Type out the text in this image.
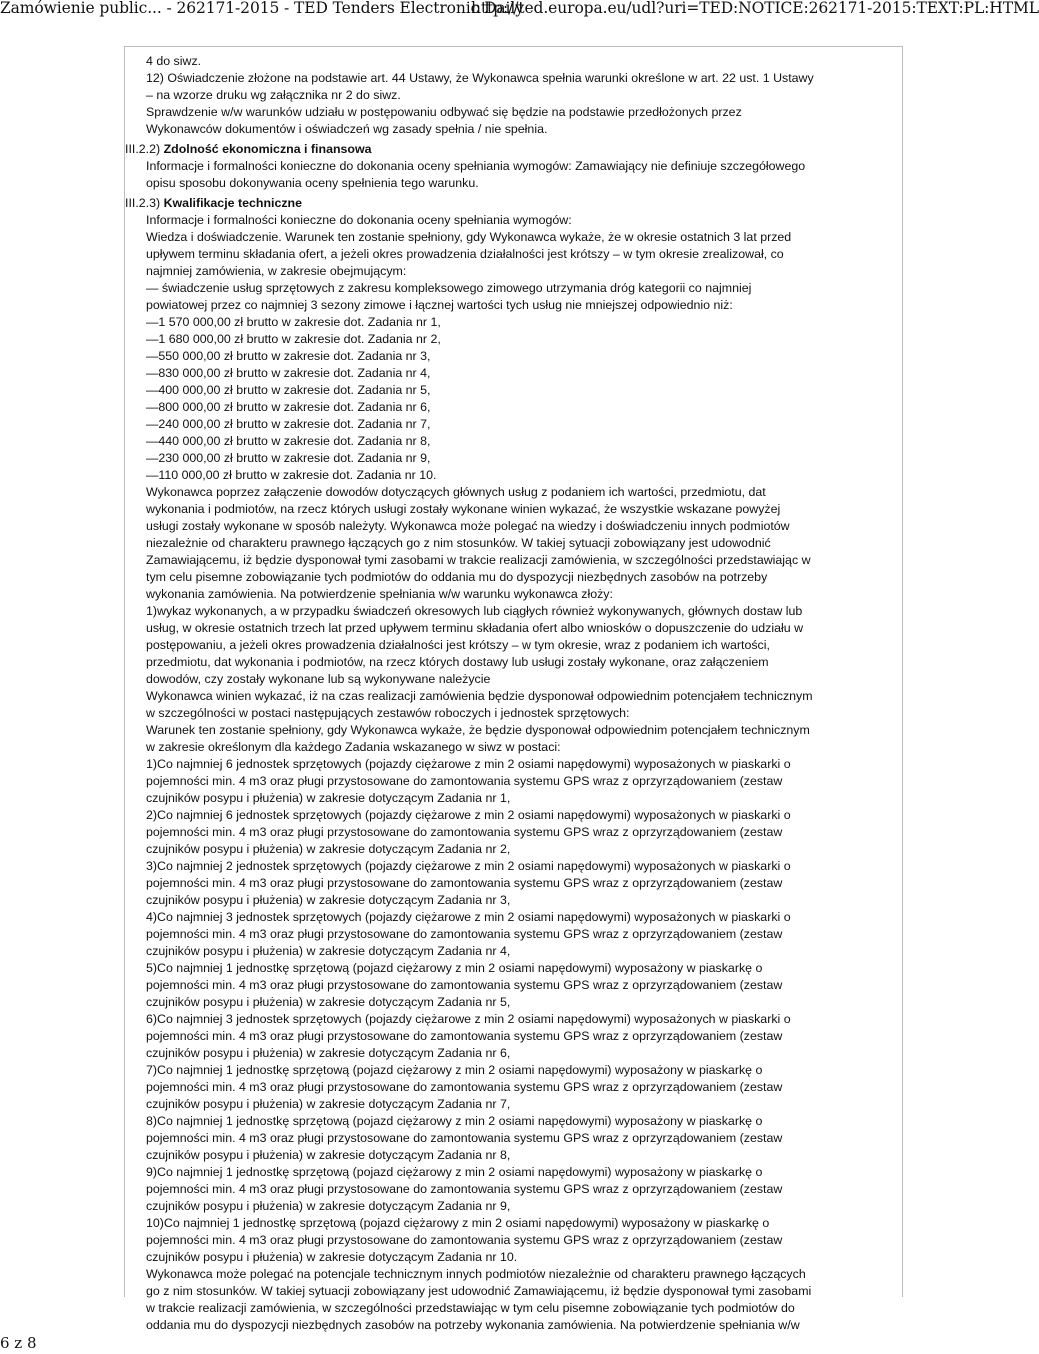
Zamówienie public... - 262171-2015 - TED Tenders Electronic Daily
http://ted.europa.eu/udl?uri=TED:NOTICE:262171-2015:TEXT:PL:HTML

4 do siwz.

12) Oświadczenie złożone na podstawie art. 44 Ustawy, że Wykonawca spełnia warunki określone w art. 22 ust. 1 Ustawy

– na wzorze druku wg załącznika nr 2 do siwz.

Sprawdzenie w/w warunków udziału w postępowaniu odbywać się będzie na podstawie przedłożonych przez

Wykonawców dokumentów i oświadczeń wg zasady spełnia / nie spełnia.

III.2.2) Zdolność ekonomiczna i finansowa

Informacje i formalności konieczne do dokonania oceny spełniania wymogów: Zamawiający nie definiuje szczegółowego

opisu sposobu dokonywania oceny spełnienia tego warunku.

III.2.3) Kwalifikacje techniczne

Informacje i formalności konieczne do dokonania oceny spełniania wymogów:

Wiedza i doświadczenie. Warunek ten zostanie spełniony, gdy Wykonawca wykaże, że w okresie ostatnich 3 lat przed

upływem terminu składania ofert, a jeżeli okres prowadzenia działalności jest krótszy – w tym okresie zrealizował, co

najmniej zamówienia, w zakresie obejmującym:

— świadczenie usług sprzętowych z zakresu kompleksowego zimowego utrzymania dróg kategorii co najmniej

powiatowej przez co najmniej 3 sezony zimowe i łącznej wartości tych usług nie mniejszej odpowiednio niż:

—1 570 000,00 zł brutto w zakresie dot. Zadania nr 1,

—1 680 000,00 zł brutto w zakresie dot. Zadania nr 2,

—550 000,00 zł brutto w zakresie dot. Zadania nr 3,

—830 000,00 zł brutto w zakresie dot. Zadania nr 4,

—400 000,00 zł brutto w zakresie dot. Zadania nr 5,

—800 000,00 zł brutto w zakresie dot. Zadania nr 6,

—240 000,00 zł brutto w zakresie dot. Zadania nr 7,

—440 000,00 zł brutto w zakresie dot. Zadania nr 8,

—230 000,00 zł brutto w zakresie dot. Zadania nr 9,

—110 000,00 zł brutto w zakresie dot. Zadania nr 10.

Wykonawca poprzez załączenie dowodów dotyczących głównych usług z podaniem ich wartości, przedmiotu, dat

wykonania i podmiotów, na rzecz których usługi zostały wykonane winien wykazać, że wszystkie wskazane powyżej

usługi zostały wykonane w sposób należyty. Wykonawca może polegać na wiedzy i doświadczeniu innych podmiotów

niezależnie od charakteru prawnego łączących go z nim stosunków. W takiej sytuacji zobowiązany jest udowodnić

Zamawiającemu, iż będzie dysponował tymi zasobami w trakcie realizacji zamówienia, w szczególności przedstawiając w

tym celu pisemne zobowiązanie tych podmiotów do oddania mu do dyspozycji niezbędnych zasobów na potrzeby

wykonania zamówienia. Na potwierdzenie spełniania w/w warunku wykonawca złoży:

1)wykaz wykonanych, a w przypadku świadczeń okresowych lub ciągłych również wykonywanych, głównych dostaw lub

usług, w okresie ostatnich trzech lat przed upływem terminu składania ofert albo wniosków o dopuszczenie do udziału w

postępowaniu, a jeżeli okres prowadzenia działalności jest krótszy – w tym okresie, wraz z podaniem ich wartości,

przedmiotu, dat wykonania i podmiotów, na rzecz których dostawy lub usługi zostały wykonane, oraz załączeniem

dowodów, czy zostały wykonane lub są wykonywane należycie

Wykonawca winien wykazać, iż na czas realizacji zamówienia będzie dysponował odpowiednim potencjałem technicznym

w szczególności w postaci następujących zestawów roboczych i jednostek sprzętowych:

Warunek ten zostanie spełniony, gdy Wykonawca wykaże, że będzie dysponował odpowiednim potencjałem technicznym

w zakresie określonym dla każdego Zadania wskazanego w siwz w postaci:

1)Co najmniej 6 jednostek sprzętowych (pojazdy ciężarowe z min 2 osiami napędowymi) wyposażonych w piaskarki o

pojemności min. 4 m3 oraz pługi przystosowane do zamontowania systemu GPS wraz z oprzyrządowaniem (zestaw

czujników posypu i płużenia) w zakresie dotyczącym Zadania nr 1,

2)Co najmniej 6 jednostek sprzętowych (pojazdy ciężarowe z min 2 osiami napędowymi) wyposażonych w piaskarki o

pojemności min. 4 m3 oraz pługi przystosowane do zamontowania systemu GPS wraz z oprzyrządowaniem (zestaw

czujników posypu i płużenia) w zakresie dotyczącym Zadania nr 2,

3)Co najmniej 2 jednostek sprzętowych (pojazdy ciężarowe z min 2 osiami napędowymi) wyposażonych w piaskarki o

pojemności min. 4 m3 oraz pługi przystosowane do zamontowania systemu GPS wraz z oprzyrządowaniem (zestaw

czujników posypu i płużenia) w zakresie dotyczącym Zadania nr 3,

4)Co najmniej 3 jednostek sprzętowych (pojazdy ciężarowe z min 2 osiami napędowymi) wyposażonych w piaskarki o

pojemności min. 4 m3 oraz pługi przystosowane do zamontowania systemu GPS wraz z oprzyrządowaniem (zestaw

czujników posypu i płużenia) w zakresie dotyczącym Zadania nr 4,

5)Co najmniej 1 jednostkę sprzętową (pojazd ciężarowy z min 2 osiami napędowymi) wyposażony w piaskarkę o

pojemności min. 4 m3 oraz pługi przystosowane do zamontowania systemu GPS wraz z oprzyrządowaniem (zestaw

czujników posypu i płużenia) w zakresie dotyczącym Zadania nr 5,

6)Co najmniej 3 jednostek sprzętowych (pojazdy ciężarowe z min 2 osiami napędowymi) wyposażonych w piaskarki o

pojemności min. 4 m3 oraz pługi przystosowane do zamontowania systemu GPS wraz z oprzyrządowaniem (zestaw

czujników posypu i płużenia) w zakresie dotyczącym Zadania nr 6,

7)Co najmniej 1 jednostkę sprzętową (pojazd ciężarowy z min 2 osiami napędowymi) wyposażony w piaskarkę o

pojemności min. 4 m3 oraz pługi przystosowane do zamontowania systemu GPS wraz z oprzyrządowaniem (zestaw

czujników posypu i płużenia) w zakresie dotyczącym Zadania nr 7,

8)Co najmniej 1 jednostkę sprzętową (pojazd ciężarowy z min 2 osiami napędowymi) wyposażony w piaskarkę o

pojemności min. 4 m3 oraz pługi przystosowane do zamontowania systemu GPS wraz z oprzyrządowaniem (zestaw

czujników posypu i płużenia) w zakresie dotyczącym Zadania nr 8,

9)Co najmniej 1 jednostkę sprzętową (pojazd ciężarowy z min 2 osiami napędowymi) wyposażony w piaskarkę o

pojemności min. 4 m3 oraz pługi przystosowane do zamontowania systemu GPS wraz z oprzyrządowaniem (zestaw

czujników posypu i płużenia) w zakresie dotyczącym Zadania nr 9,

10)Co najmniej 1 jednostkę sprzętową (pojazd ciężarowy z min 2 osiami napędowymi) wyposażony w piaskarkę o

pojemności min. 4 m3 oraz pługi przystosowane do zamontowania systemu GPS wraz z oprzyrządowaniem (zestaw

czujników posypu i płużenia) w zakresie dotyczącym Zadania nr 10.

Wykonawca może polegać na potencjale technicznym innych podmiotów niezależnie od charakteru prawnego łączących

go z nim stosunków. W takiej sytuacji zobowiązany jest udowodnić Zamawiającemu, iż będzie dysponował tymi zasobami

w trakcie realizacji zamówienia, w szczególności przedstawiając w tym celu pisemne zobowiązanie tych podmiotów do

oddania mu do dyspozycji niezbędnych zasobów na potrzeby wykonania zamówienia. Na potwierdzenie spełniania w/w

6 z 8
